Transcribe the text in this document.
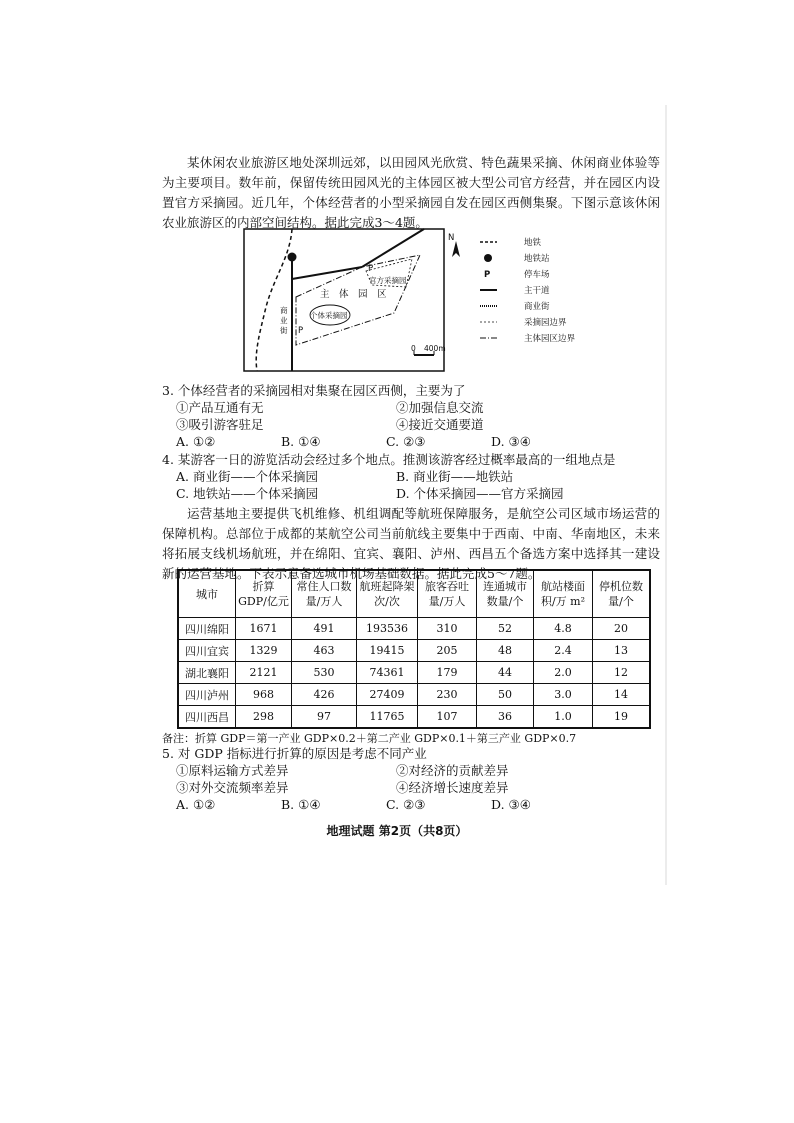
某休闲农业旅游区地处深圳远郊，以田园风光欣赏、特色蔬果采摘、休闲商业体验等为主要项目。数年前，保留传统田园风光的主体园区被大型公司官方经营，并在园区内设置官方采摘园。近几年，个体经营者的小型采摘园自发在园区西侧集聚。下图示意该休闲农业旅游区的内部空间结构。据此完成3～4题。

P
官方采摘园
主　体　园　区
个体采摘园
P
商
业
街
N
0 400m
地铁
地铁站
P	停车场
主干道
商业街
采摘园边界
主体园区边界

3. 个体经营者的采摘园相对集聚在园区西侧，主要为了

①产品互通有无	②加强信息交流
③吸引游客驻足	④接近交通要道
A. ①②	B. ①④	C. ②③	D. ③④

4. 某游客一日的游览活动会经过多个地点。推测该游客经过概率最高的一组地点是

A. 商业街——个体采摘园	B. 商业街——地铁站
C. 地铁站——个体采摘园	D. 个体采摘园——官方采摘园

运营基地主要提供飞机维修、机组调配等航班保障服务，是航空公司区域市场运营的保障机构。总部位于成都的某航空公司当前航线主要集中于西南、中南、华南地区，未来将拓展支线机场航班，并在绵阳、宜宾、襄阳、泸州、西昌五个备选方案中选择其一建设新的运营基地。下表示意备选城市机场基础数据。据此完成5～7题。

城市	折算 GDP/亿元	常住人口数量/万人	航班起降架次/次	旅客吞吐量/万人	连通城市数量/个	航站楼面积/万 m²	停机位数量/个
四川绵阳	1671	491	193536	310	52	4.8	20
四川宜宾	1329	463	19415	205	48	2.4	13
湖北襄阳	2121	530	74361	179	44	2.0	12
四川泸州	968	426	27409	230	50	3.0	14
四川西昌	298	97	11765	107	36	1.0	19
备注：折算 GDP＝第一产业 GDP×0.2＋第二产业 GDP×0.1＋第三产业 GDP×0.7

5. 对 GDP 指标进行折算的原因是考虑不同产业

①原料运输方式差异	②对经济的贡献差异
③对外交流频率差异	④经济增长速度差异
A. ①②	B. ①④	C. ②③	D. ③④
地理试题 第2页（共8页）
